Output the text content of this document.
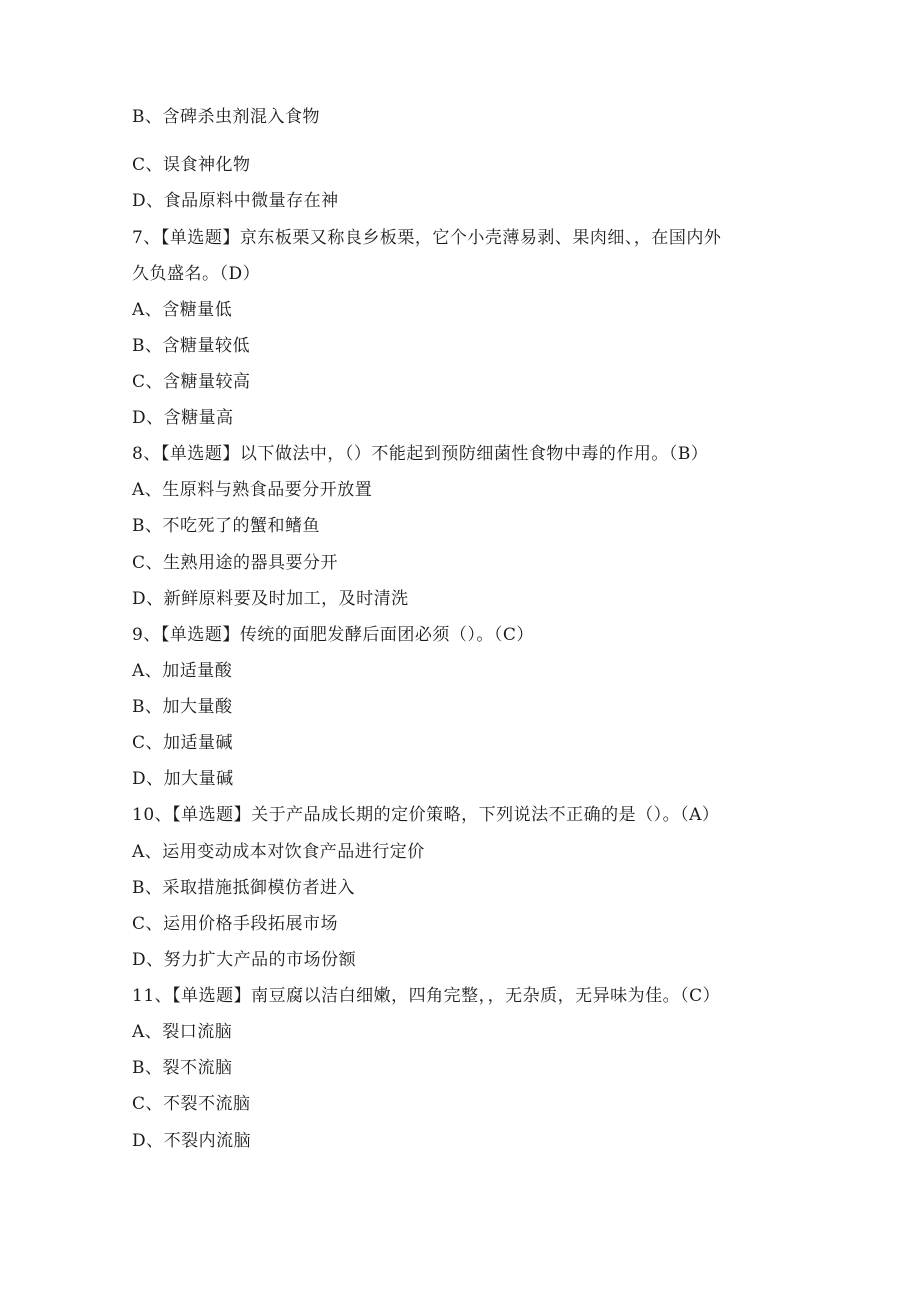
B、含碑杀虫剂混入食物
C、误食神化物
D、食品原料中微量存在神
7、【单选题】京东板栗又称良乡板栗，它个小壳薄易剥、果肉细、，在国内外
久负盛名。（D）
A、含糖量低
B、含糖量较低
C、含糖量较高
D、含糖量高
8、【单选题】以下做法中，（）不能起到预防细菌性食物中毒的作用。（B）
A、生原料与熟食品要分开放置
B、不吃死了的蟹和鳍鱼
C、生熟用途的器具要分开
D、新鲜原料要及时加工，及时清洗
9、【单选题】传统的面肥发酵后面团必须（）。（C）
A、加适量酸
B、加大量酸
C、加适量碱
D、加大量碱
10、【单选题】关于产品成长期的定价策略，下列说法不正确的是（）。（A）
A、运用变动成本对饮食产品进行定价
B、采取措施抵御模仿者进入
C、运用价格手段拓展市场
D、努力扩大产品的市场份额
11、【单选题】南豆腐以洁白细嫩，四角完整，，无杂质，无异味为佳。（C）
A、裂口流脑
B、裂不流脑
C、不裂不流脑
D、不裂内流脑
